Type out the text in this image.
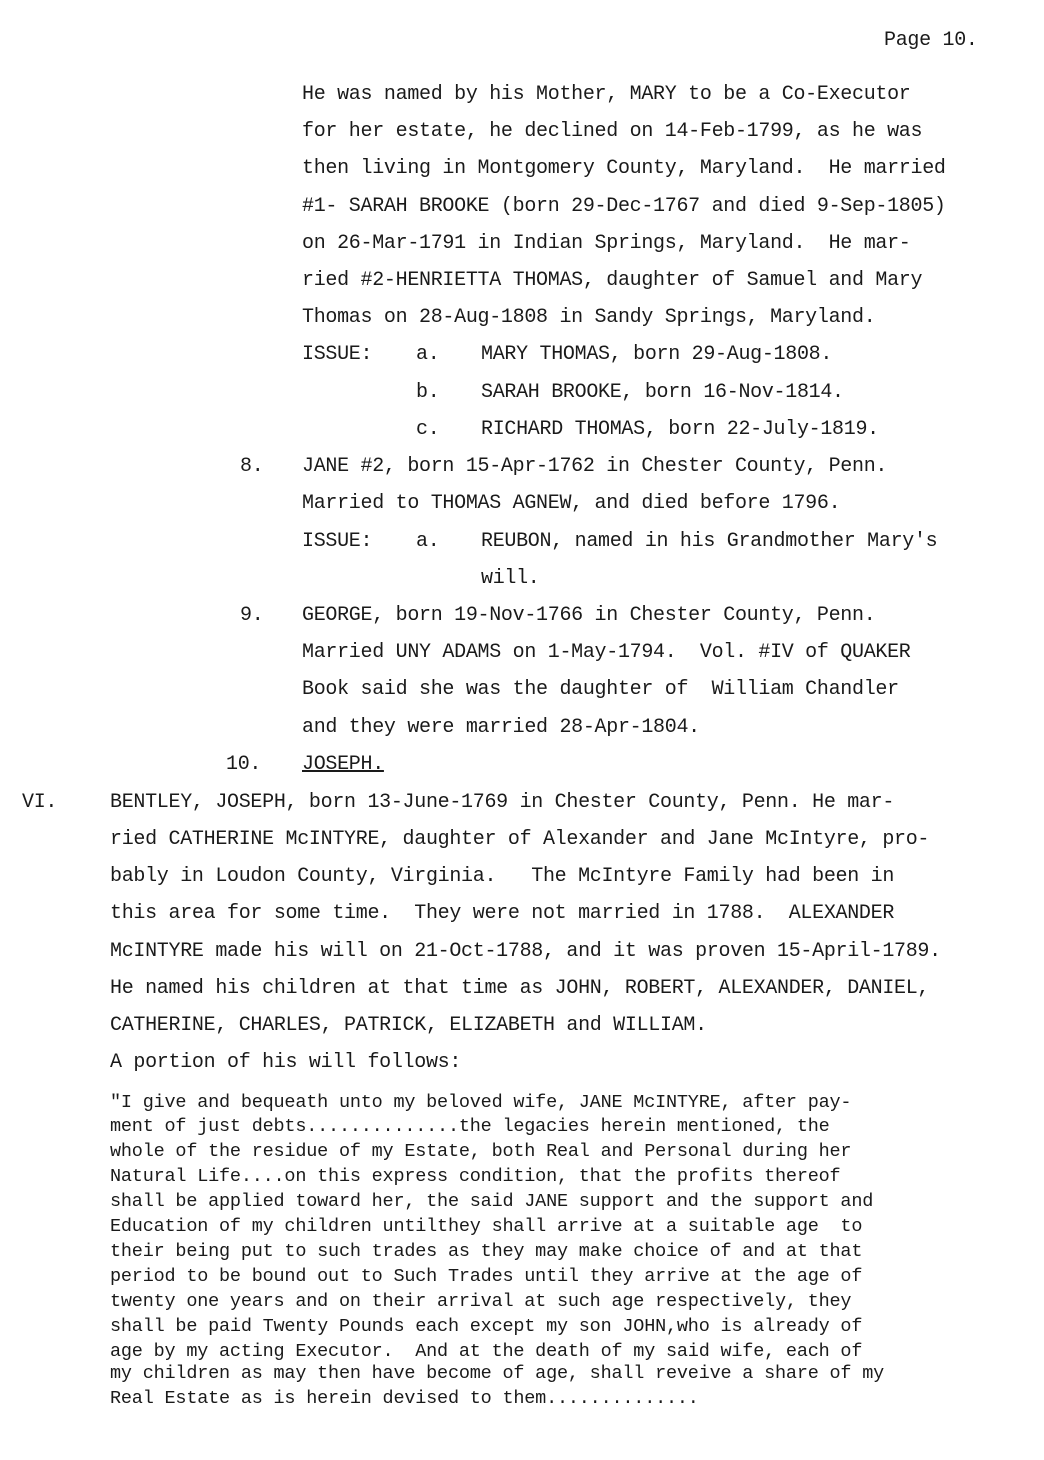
Page 10.
He was named by his Mother, MARY to be a Co-Executor
for her estate, he declined on 14-Feb-1799, as he was
then living in Montgomery County, Maryland.  He married
#1- SARAH BROOKE (born 29-Dec-1767 and died 9-Sep-1805)
on 26-Mar-1791 in Indian Springs, Maryland.  He mar-
ried #2-HENRIETTA THOMAS, daughter of Samuel and Mary
Thomas on 28-Aug-1808 in Sandy Springs, Maryland.
ISSUE: a. MARY THOMAS, born 29-Aug-1808.
b. SARAH BROOKE, born 16-Nov-1814.
c. RICHARD THOMAS, born 22-July-1819.
8. JANE #2, born 15-Apr-1762 in Chester County, Penn.
Married to THOMAS AGNEW, and died before 1796.
ISSUE: a. REUBON, named in his Grandmother Mary's
will.
9. GEORGE, born 19-Nov-1766 in Chester County, Penn.
Married UNY ADAMS on 1-May-1794.  Vol. #IV of QUAKER
Book said she was the daughter of  William Chandler
and they were married 28-Apr-1804.
10. JOSEPH.
VI.	BENTLEY, JOSEPH, born 13-June-1769 in Chester County, Penn. He mar-
ried CATHERINE McINTYRE, daughter of Alexander and Jane McIntyre, pro-
bably in Loudon County, Virginia.   The McIntyre Family had been in
this area for some time.  They were not married in 1788.  ALEXANDER
McINTYRE made his will on 21-Oct-1788, and it was proven 15-April-1789.
He named his children at that time as JOHN, ROBERT, ALEXANDER, DANIEL,
CATHERINE, CHARLES, PATRICK, ELIZABETH and WILLIAM.
A portion of his will follows:
"I give and bequeath unto my beloved wife, JANE McINTYRE, after pay-
ment of just debts..............the legacies herein mentioned, the
whole of the residue of my Estate, both Real and Personal during her
Natural Life....on this express condition, that the profits thereof
shall be applied toward her, the said JANE support and the support and
Education of my children untilthey shall arrive at a suitable age  to
their being put to such trades as they may make choice of and at that
period to be bound out to Such Trades until they arrive at the age of
twenty one years and on their arrival at such age respectively, they
shall be paid Twenty Pounds each except my son JOHN,who is already of
age by my acting Executor.  And at the death of my said wife, each of
my children as may then have become of age, shall reveive a share of my
Real Estate as is herein devised to them..............
